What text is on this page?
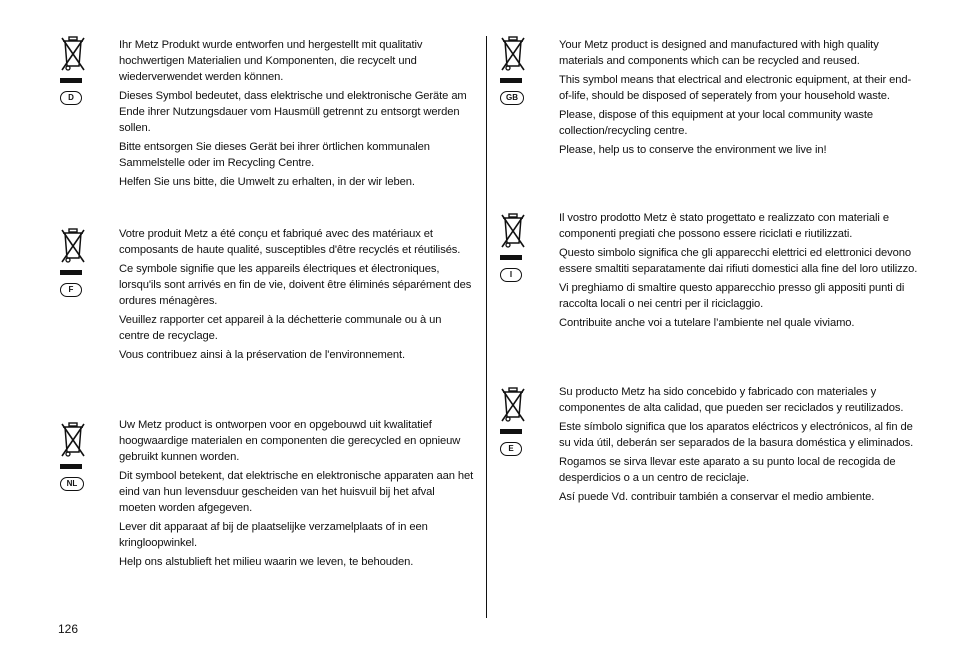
D

Ihr Metz Produkt wurde entworfen und hergestellt mit qualitativ hochwertigen Materialien und Komponenten, die recycelt und wiederverwendet werden können.

Dieses Symbol bedeutet, dass elektrische und elektronische Geräte am Ende ihrer Nutzungsdauer vom Hausmüll getrennt zu entsorgt werden sollen.

Bitte entsorgen Sie dieses Gerät bei ihrer örtlichen kommunalen Sammelstelle oder im Recycling Centre.

Helfen Sie uns bitte, die Umwelt zu erhalten, in der wir leben.

F

Votre produit Metz a été conçu et fabriqué avec des matériaux et composants de haute qualité, susceptibles d'être recyclés et réutilisés.

Ce symbole signifie que les appareils électriques et électroniques, lorsqu'ils sont arrivés en fin de vie, doivent être éliminés séparément des ordures ménagères.

Veuillez rapporter cet appareil à la déchetterie communale ou à un centre de recyclage.

Vous contribuez ainsi à la préservation de l'environnement.

NL

Uw Metz product is ontworpen voor en opgebouwd uit kwalitatief hoogwaardige materialen en componenten die gerecycled en opnieuw gebruikt kunnen worden.

Dit symbool betekent, dat elektrische en elektronische apparaten aan het eind van hun levensduur gescheiden van het huisvuil bij het afval moeten worden afgegeven.

Lever dit apparaat af bij de plaatselijke verzamelplaats of in een kringloopwinkel.

Help ons alstublieft het milieu waarin we leven, te behouden.

GB

Your Metz product is designed and manufactured with high quality materials and components which can be recycled and reused.

This symbol means that electrical and electronic equipment, at their end-of-life, should be disposed of seperately from your household waste.

Please, dispose of this equipment at your local community waste collection/recycling centre.

Please, help us to conserve the environment we live in!

I

Il vostro prodotto Metz è stato progettato e realizzato con materiali e componenti pregiati che possono essere riciclati e riutilizzati.

Questo simbolo significa che gli apparecchi elettrici ed elettronici devono essere smaltiti separatamente dai rifiuti domestici alla fine del loro utilizzo.

Vi preghiamo di smaltire questo apparecchio presso gli appositi punti di raccolta locali o nei centri per il riciclaggio.

Contribuite anche voi a tutelare l’ambiente nel quale viviamo.

E

Su producto Metz ha sido concebido y fabricado con materiales y componentes de alta calidad, que pueden ser reciclados y reutilizados.

Este símbolo significa que los aparatos eléctricos y electrónicos, al fin de su vida útil, deberán ser separados de la basura doméstica y eliminados.

Rogamos se sirva llevar este aparato a su punto local de recogida de desperdicios o a un centro de reciclaje.

Así puede Vd. contribuir también a conservar el medio ambiente.

126
